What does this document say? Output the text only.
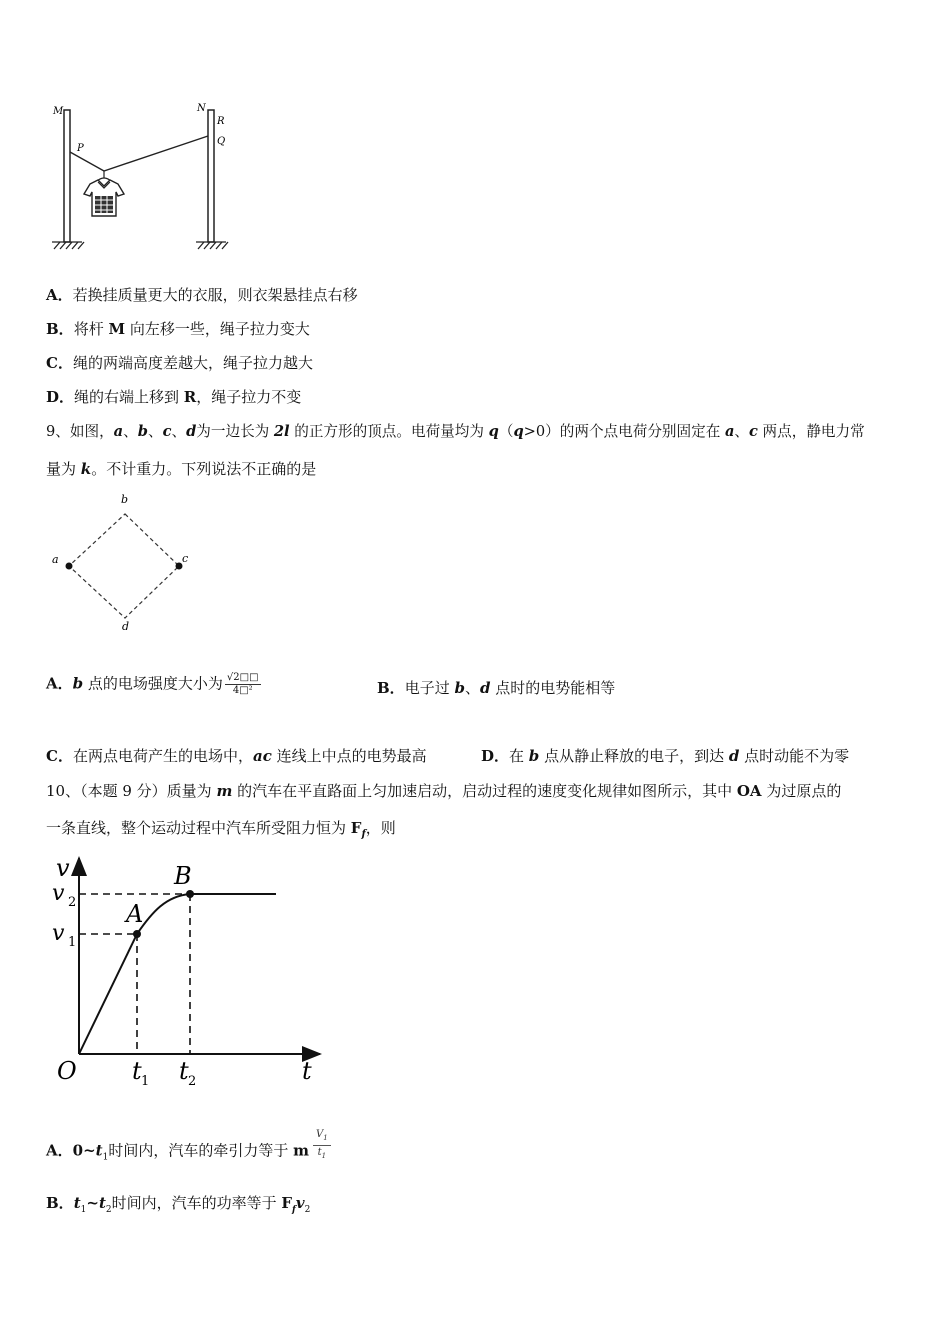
M	N
P
R
Q
A．若换挂质量更大的衣服，则衣架悬挂点右移
B．将杆 M 向左移一些，绳子拉力变大
C．绳的两端高度差越大，绳子拉力越大
D．绳的右端上移到 R，绳子拉力不变
9、如图，a、b、c、d为一边长为 2l 的正方形的顶点。电荷量均为 q（q>0）的两个点电荷分别固定在 a、c 两点，静电力常
量为 k。不计重力。下列说法不正确的是
b
a	c
d
A．b 点的电场强度大小为 $\frac{√2□□}{\text{4□²}}$	B．电子过 b、d 点时的电势能相等
C．在两点电荷产生的电场中，ac 连线上中点的电势最高	D．在 b 点从静止释放的电子，到达 d 点时动能不为零
10、（本题 9 分）质量为 m 的汽车在平直路面上匀加速启动，启动过程的速度变化规律如图所示，其中 OA 为过原点的
一条直线，整个运动过程中汽车所受阻力恒为 $F_f$，则
v
v 2
v 1
A
B
O t 1 t 2	t
A．$0\sim t_1$时间内，汽车的牵引力等于 m $\frac{V_1}{t_1}$
B．$t_1\sim t_2$时间内，汽车的功率等于 $F_fv_2$
